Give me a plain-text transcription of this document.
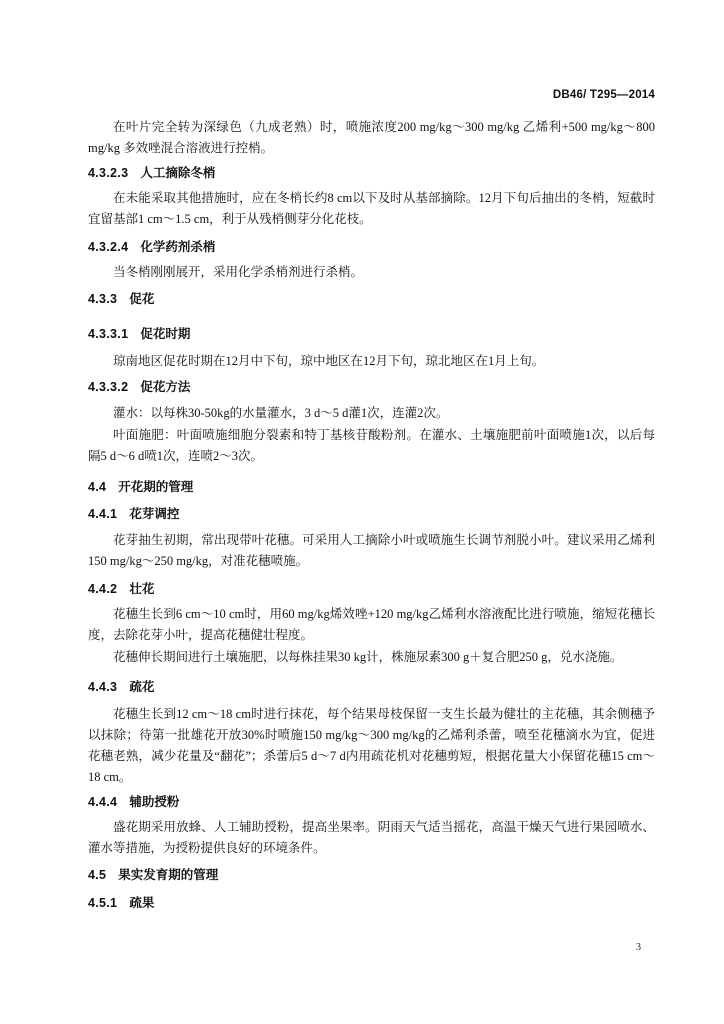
DB46/ T295—2014

在叶片完全转为深绿色（九成老熟）时，喷施浓度200 mg/kg～300 mg/kg 乙烯利+500 mg/kg～800 mg/kg 多效唑混合溶液进行控梢。

4.3.2.3 人工摘除冬梢

在未能采取其他措施时，应在冬梢长约8 cm以下及时从基部摘除。12月下旬后抽出的冬梢，短截时宜留基部1 cm～1.5 cm，利于从残梢侧芽分化花枝。

4.3.2.4 化学药剂杀梢

当冬梢刚刚展开，采用化学杀梢剂进行杀梢。

4.3.3 促花
4.3.3.1 促花时期

琼南地区促花时期在12月中下旬，琼中地区在12月下旬，琼北地区在1月上旬。

4.3.3.2 促花方法

灌水：以每株30-50kg的水量灌水，3 d～5 d灌1次，连灌2次。

叶面施肥：叶面喷施细胞分裂素和特丁基核苷酸粉剂。在灌水、土壤施肥前叶面喷施1次，以后每隔5 d～6 d喷1次，连喷2～3次。

4.4 开花期的管理
4.4.1 花芽调控

花芽抽生初期，常出现带叶花穗。可采用人工摘除小叶或喷施生长调节剂脱小叶。建议采用乙烯利150 mg/kg～250 mg/kg，对准花穗喷施。

4.4.2 壮花

花穗生长到6 cm～10 cm时，用60 mg/kg烯效唑+120 mg/kg乙烯利水溶液配比进行喷施，缩短花穗长度，去除花芽小叶，提高花穗健壮程度。

花穗伸长期间进行土壤施肥，以每株挂果30 kg计，株施尿素300 g＋复合肥250 g，兑水浇施。

4.4.3 疏花

花穗生长到12 cm～18 cm时进行抹花，每个结果母枝保留一支生长最为健壮的主花穗，其余侧穗予以抹除；待第一批雄花开放30%时喷施150 mg/kg～300 mg/kg的乙烯利杀蕾，喷至花穗滴水为宜，促进花穗老熟，减少花量及“翻花”；杀蕾后5 d～7 d内用疏花机对花穗剪短，根据花量大小保留花穗15 cm～18 cm。

4.4.4 辅助授粉

盛花期采用放蜂、人工辅助授粉，提高坐果率。阴雨天气适当摇花，高温干燥天气进行果园喷水、灌水等措施，为授粉提供良好的环境条件。

4.5 果实发育期的管理
4.5.1 疏果
3
